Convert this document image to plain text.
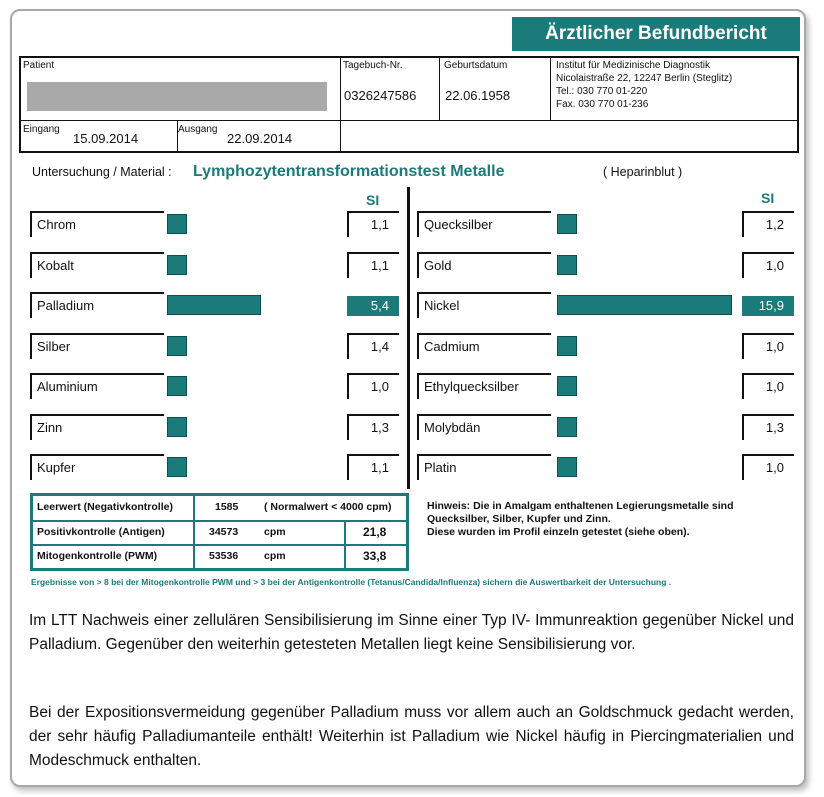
Ärztlicher Befundbericht
Patient	Tagebuch-Nr.
0326247586
Geburtsdatum
22.06.1958
Institut für Medizinische Diagnostik
Nicolaistraße 22, 12247 Berlin (Steglitz)
Tel.: 030 770 01-220
Fax. 030 770 01-236
Eingang
15.09.2014
Ausgang
22.09.2014
Untersuchung / Material : Lymphozytentransformationstest Metalle	( Heparinblut )
SI	SI
Chrom	1,1
Kobalt	1,1
Palladium	5,4
Silber	1,4
Aluminium	1,0
Zinn	1,3
Kupfer	1,1
Quecksilber	1,2
Gold	1,0
Nickel	15,9
Cadmium	1,0
Ethylquecksilber	1,0
Molybdän	1,3
Platin	1,0
Leerwert (Negativkontrolle)	1585 ( Normalwert < 4000 cpm)
Positivkontrolle (Antigen)	34573 cpm	21,8
Mitogenkontrolle (PWM)	53536 cpm	33,8
Hinweis: Die in Amalgam enthaltenen Legierungsmetalle sind
Quecksilber, Silber, Kupfer und Zinn.
Diese wurden im Profil einzeln getestet (siehe oben).
Ergebnisse von > 8 bei der Mitogenkontrolle PWM und > 3 bei der Antigenkontrolle (Tetanus/Candida/Influenza) sichern die Auswertbarkeit der Untersuchung .
Im LTT Nachweis einer zellulären Sensibilisierung im Sinne einer Typ IV- Immunreaktion gegenüber Nickel und Palladium. Gegenüber den weiterhin getesteten Metallen liegt keine Sensibilisierung vor.
Bei der Expositionsvermeidung gegenüber Palladium muss vor allem auch an Goldschmuck gedacht werden, der sehr häufig Palladiumanteile enthält! Weiterhin ist Palladium wie Nickel häufig in Piercingmaterialien und Modeschmuck enthalten.
